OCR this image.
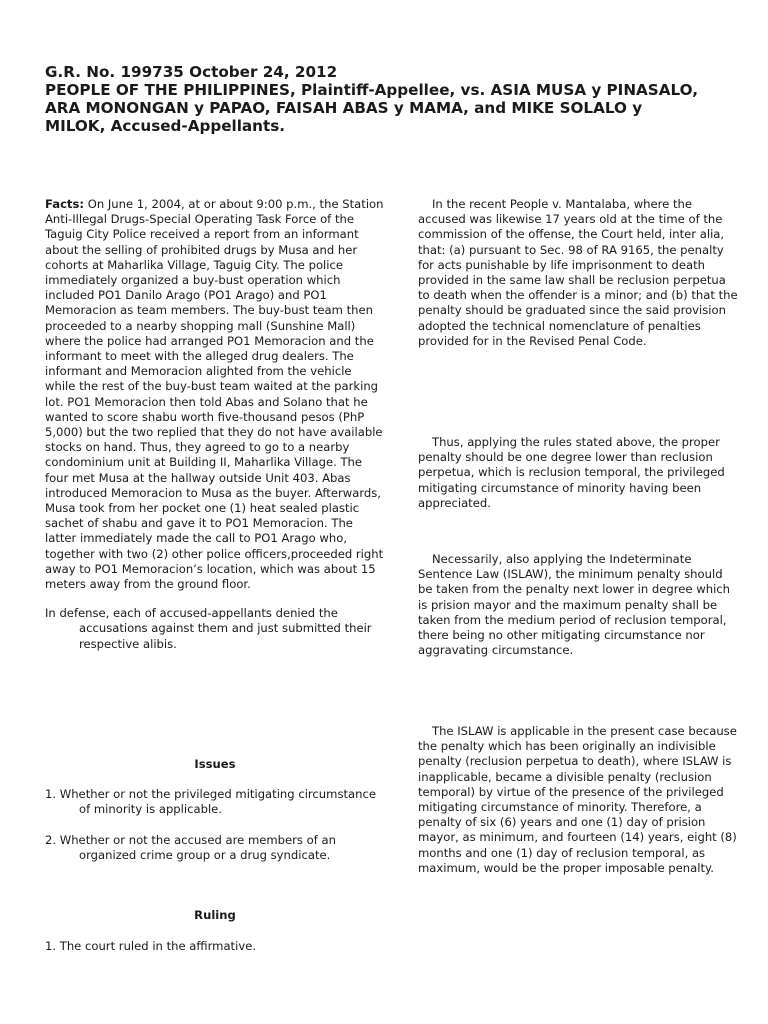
G.R. No. 199735 October 24, 2012
PEOPLE OF THE PHILIPPINES, Plaintiff-Appellee, vs. ASIA MUSA y PINASALO,
ARA MONONGAN y PAPAO, FAISAH ABAS y MAMA, and MIKE SOLALO y
MILOK, Accused-Appellants.

Facts: On June 1, 2004, at or about 9:00 p.m., the Station Anti-Illegal Drugs-Special Operating Task Force of the Taguig City Police received a report from an informant about the selling of prohibited drugs by Musa and her cohorts at Maharlika Village, Taguig City. The police immediately organized a buy-bust operation which included PO1 Danilo Arago (PO1 Arago) and PO1 Memoracion as team members. The buy-bust team then proceeded to a nearby shopping mall (Sunshine Mall) where the police had arranged PO1 Memoracion and the informant to meet with the alleged drug dealers. The informant and Memoracion alighted from the vehicle while the rest of the buy-bust team waited at the parking lot. PO1 Memoracion then told Abas and Solano that he wanted to score shabu worth five-thousand pesos (PhP 5,000) but the two replied that they do not have available stocks on hand. Thus, they agreed to go to a nearby condominium unit at Building II, Maharlika Village. The four met Musa at the hallway outside Unit 403. Abas introduced Memoracion to Musa as the buyer. Afterwards, Musa took from her pocket one (1) heat sealed plastic sachet of shabu and gave it to PO1 Memoracion. The latter immediately made the call to PO1 Arago who, together with two (2) other police officers,proceeded right away to PO1 Memoracion’s location, which was about 15 meters away from the ground floor.

In defense, each of accused-appellants denied the accusations against them and just submitted their respective alibis.

Issues

1. Whether or not the privileged mitigating circumstance of minority is applicable.

2. Whether or not the accused are members of an organized crime group or a drug syndicate.

Ruling

1. The court ruled in the affirmative.

In the recent People v. Mantalaba, where the accused was likewise 17 years old at the time of the commission of the offense, the Court held, inter alia, that: (a) pursuant to Sec. 98 of RA 9165, the penalty for acts punishable by life imprisonment to death provided in the same law shall be reclusion perpetua to death when the offender is a minor; and (b) that the penalty should be graduated since the said provision adopted the technical nomenclature of penalties provided for in the Revised Penal Code.

Thus, applying the rules stated above, the proper penalty should be one degree lower than reclusion perpetua, which is reclusion temporal, the privileged mitigating circumstance of minority having been appreciated.

Necessarily, also applying the Indeterminate Sentence Law (ISLAW), the minimum penalty should be taken from the penalty next lower in degree which is prision mayor and the maximum penalty shall be taken from the medium period of reclusion temporal, there being no other mitigating circumstance nor aggravating circumstance.

The ISLAW is applicable in the present case because the penalty which has been originally an indivisible penalty (reclusion perpetua to death), where ISLAW is inapplicable, became a divisible penalty (reclusion temporal) by virtue of the presence of the privileged mitigating circumstance of minority. Therefore, a penalty of six (6) years and one (1) day of prision mayor, as minimum, and fourteen (14) years, eight (8) months and one (1) day of reclusion temporal, as maximum, would be the proper imposable penalty.
